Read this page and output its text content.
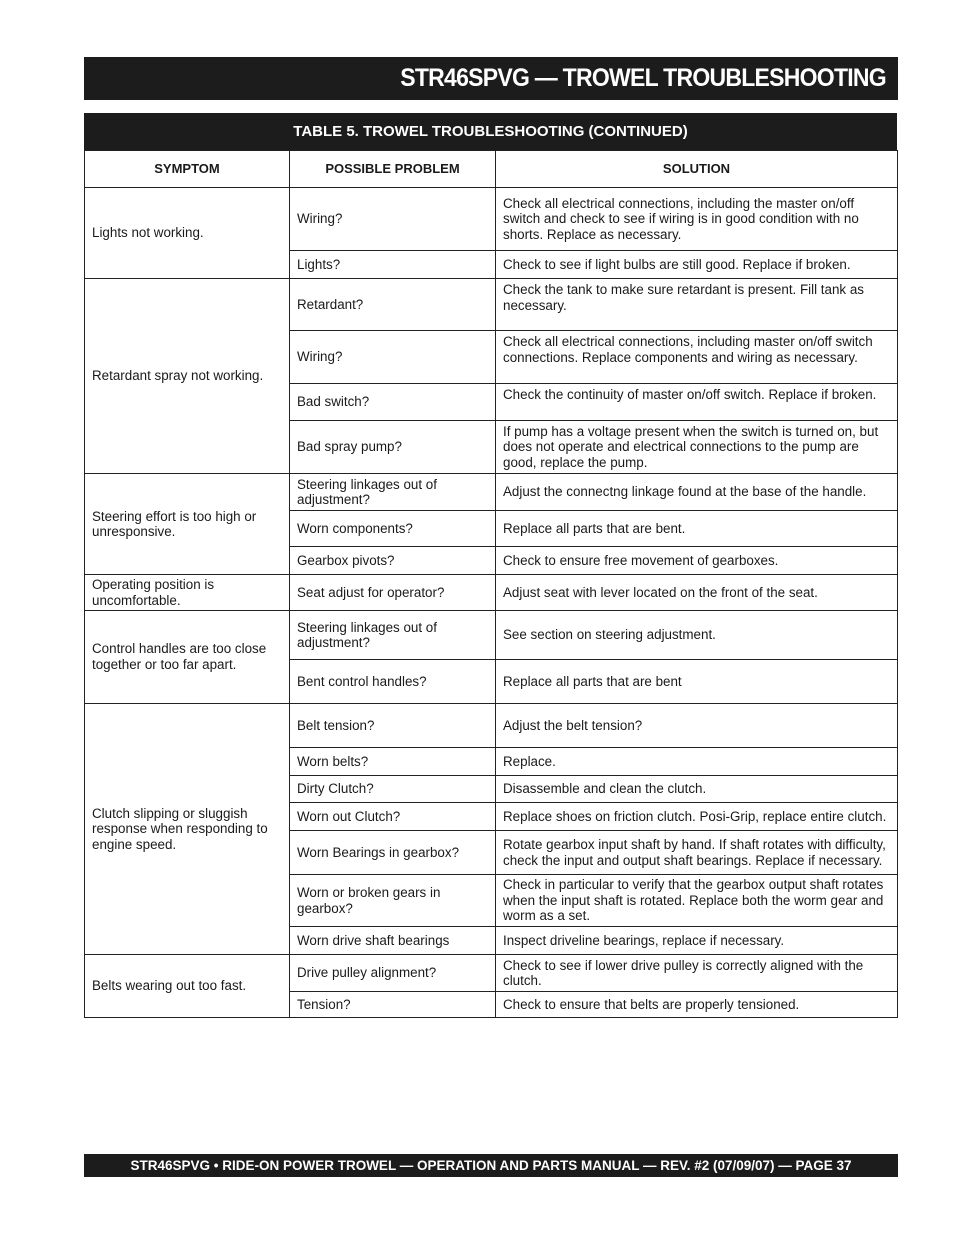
STR46SPVG — TROWEL TROUBLESHOOTING
TABLE 5. TROWEL TROUBLESHOOTING (CONTINUED)
SYMPTOM	POSSIBLE PROBLEM	SOLUTION
Lights not working.	Wiring?	Check all electrical connections, including the master on/off switch and check to see if wiring is in good condition with no shorts. Replace as necessary.
	Lights?	Check to see if light bulbs are still good. Replace if broken.
Retardant spray not working.	Retardant?	Check the tank to make sure retardant is present. Fill tank as necessary.
	Wiring?	Check all electrical connections, including master on/off switch connections. Replace components and wiring as necessary.
	Bad switch?	Check the continuity of master on/off switch. Replace if broken.
	Bad spray pump?	If pump has a voltage present when the switch is turned on, but does not operate and electrical connections to the pump are good, replace the pump.
Steering effort is too high or unresponsive.	Steering linkages out of adjustment?	Adjust the connectng linkage found at the base of the handle.
	Worn components?	Replace all parts that are bent.
	Gearbox pivots?	Check to ensure free movement of gearboxes.
Operating position is uncomfortable.	Seat adjust for operator?	Adjust seat with lever located on the front of the seat.
Control handles are too close together or too far apart.	Steering linkages out of adjustment?	See section on steering adjustment.
	Bent control handles?	Replace all parts that are bent
Clutch slipping or sluggish response when responding to engine speed.	Belt tension?	Adjust the belt tension?
	Worn belts?	Replace.
	Dirty Clutch?	Disassemble and clean the clutch.
	Worn out Clutch?	Replace shoes on friction clutch. Posi-Grip, replace entire clutch.
	Worn Bearings in gearbox?	Rotate gearbox input shaft by hand. If shaft rotates with difficulty, check the input and output shaft bearings. Replace if necessary.
	Worn or broken gears in gearbox?	Check in particular to verify that the gearbox output shaft rotates when the input shaft is rotated. Replace both the worm gear and worm as a set.
	Worn drive shaft bearings	Inspect driveline bearings, replace if necessary.
Belts wearing out too fast.	Drive pulley alignment?	Check to see if lower drive pulley is correctly aligned with the clutch.
	Tension?	Check to ensure that belts are properly tensioned.
STR46SPVG • RIDE-ON POWER TROWEL — OPERATION AND PARTS MANUAL — REV. #2 (07/09/07) — PAGE 37
